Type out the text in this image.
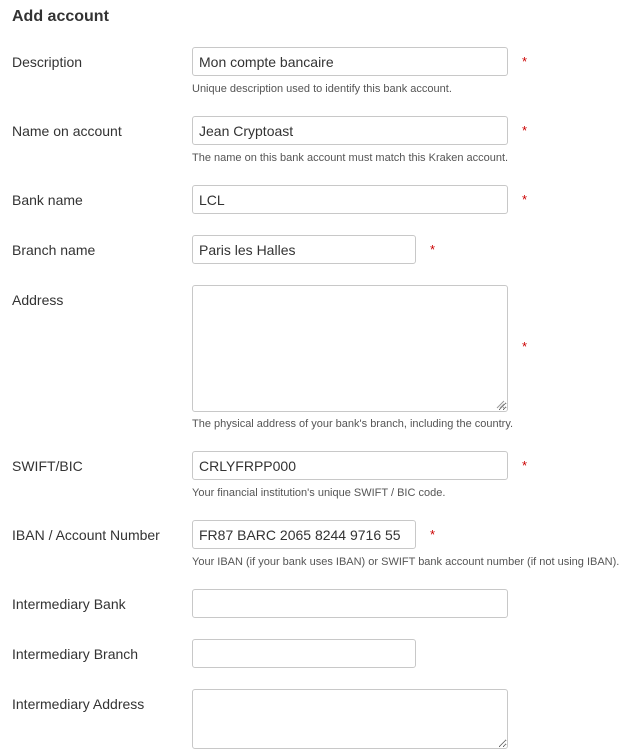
Add account
Description
Mon compte bancaire	*
Unique description used to identify this bank account.
Name on account
Jean Cryptoast	*
The name on this bank account must match this Kraken account.
Bank name
LCL	*
Branch name
Paris les Halles	*
Address
*
The physical address of your bank's branch, including the country.
SWIFT/BIC
CRLYFRPP000	*
Your financial institution's unique SWIFT / BIC code.
IBAN / Account Number
FR87 BARC 2065 8244 9716 55	*
Your IBAN (if your bank uses IBAN) or SWIFT bank account number (if not using IBAN).
Intermediary Bank
Intermediary Branch
Intermediary Address
